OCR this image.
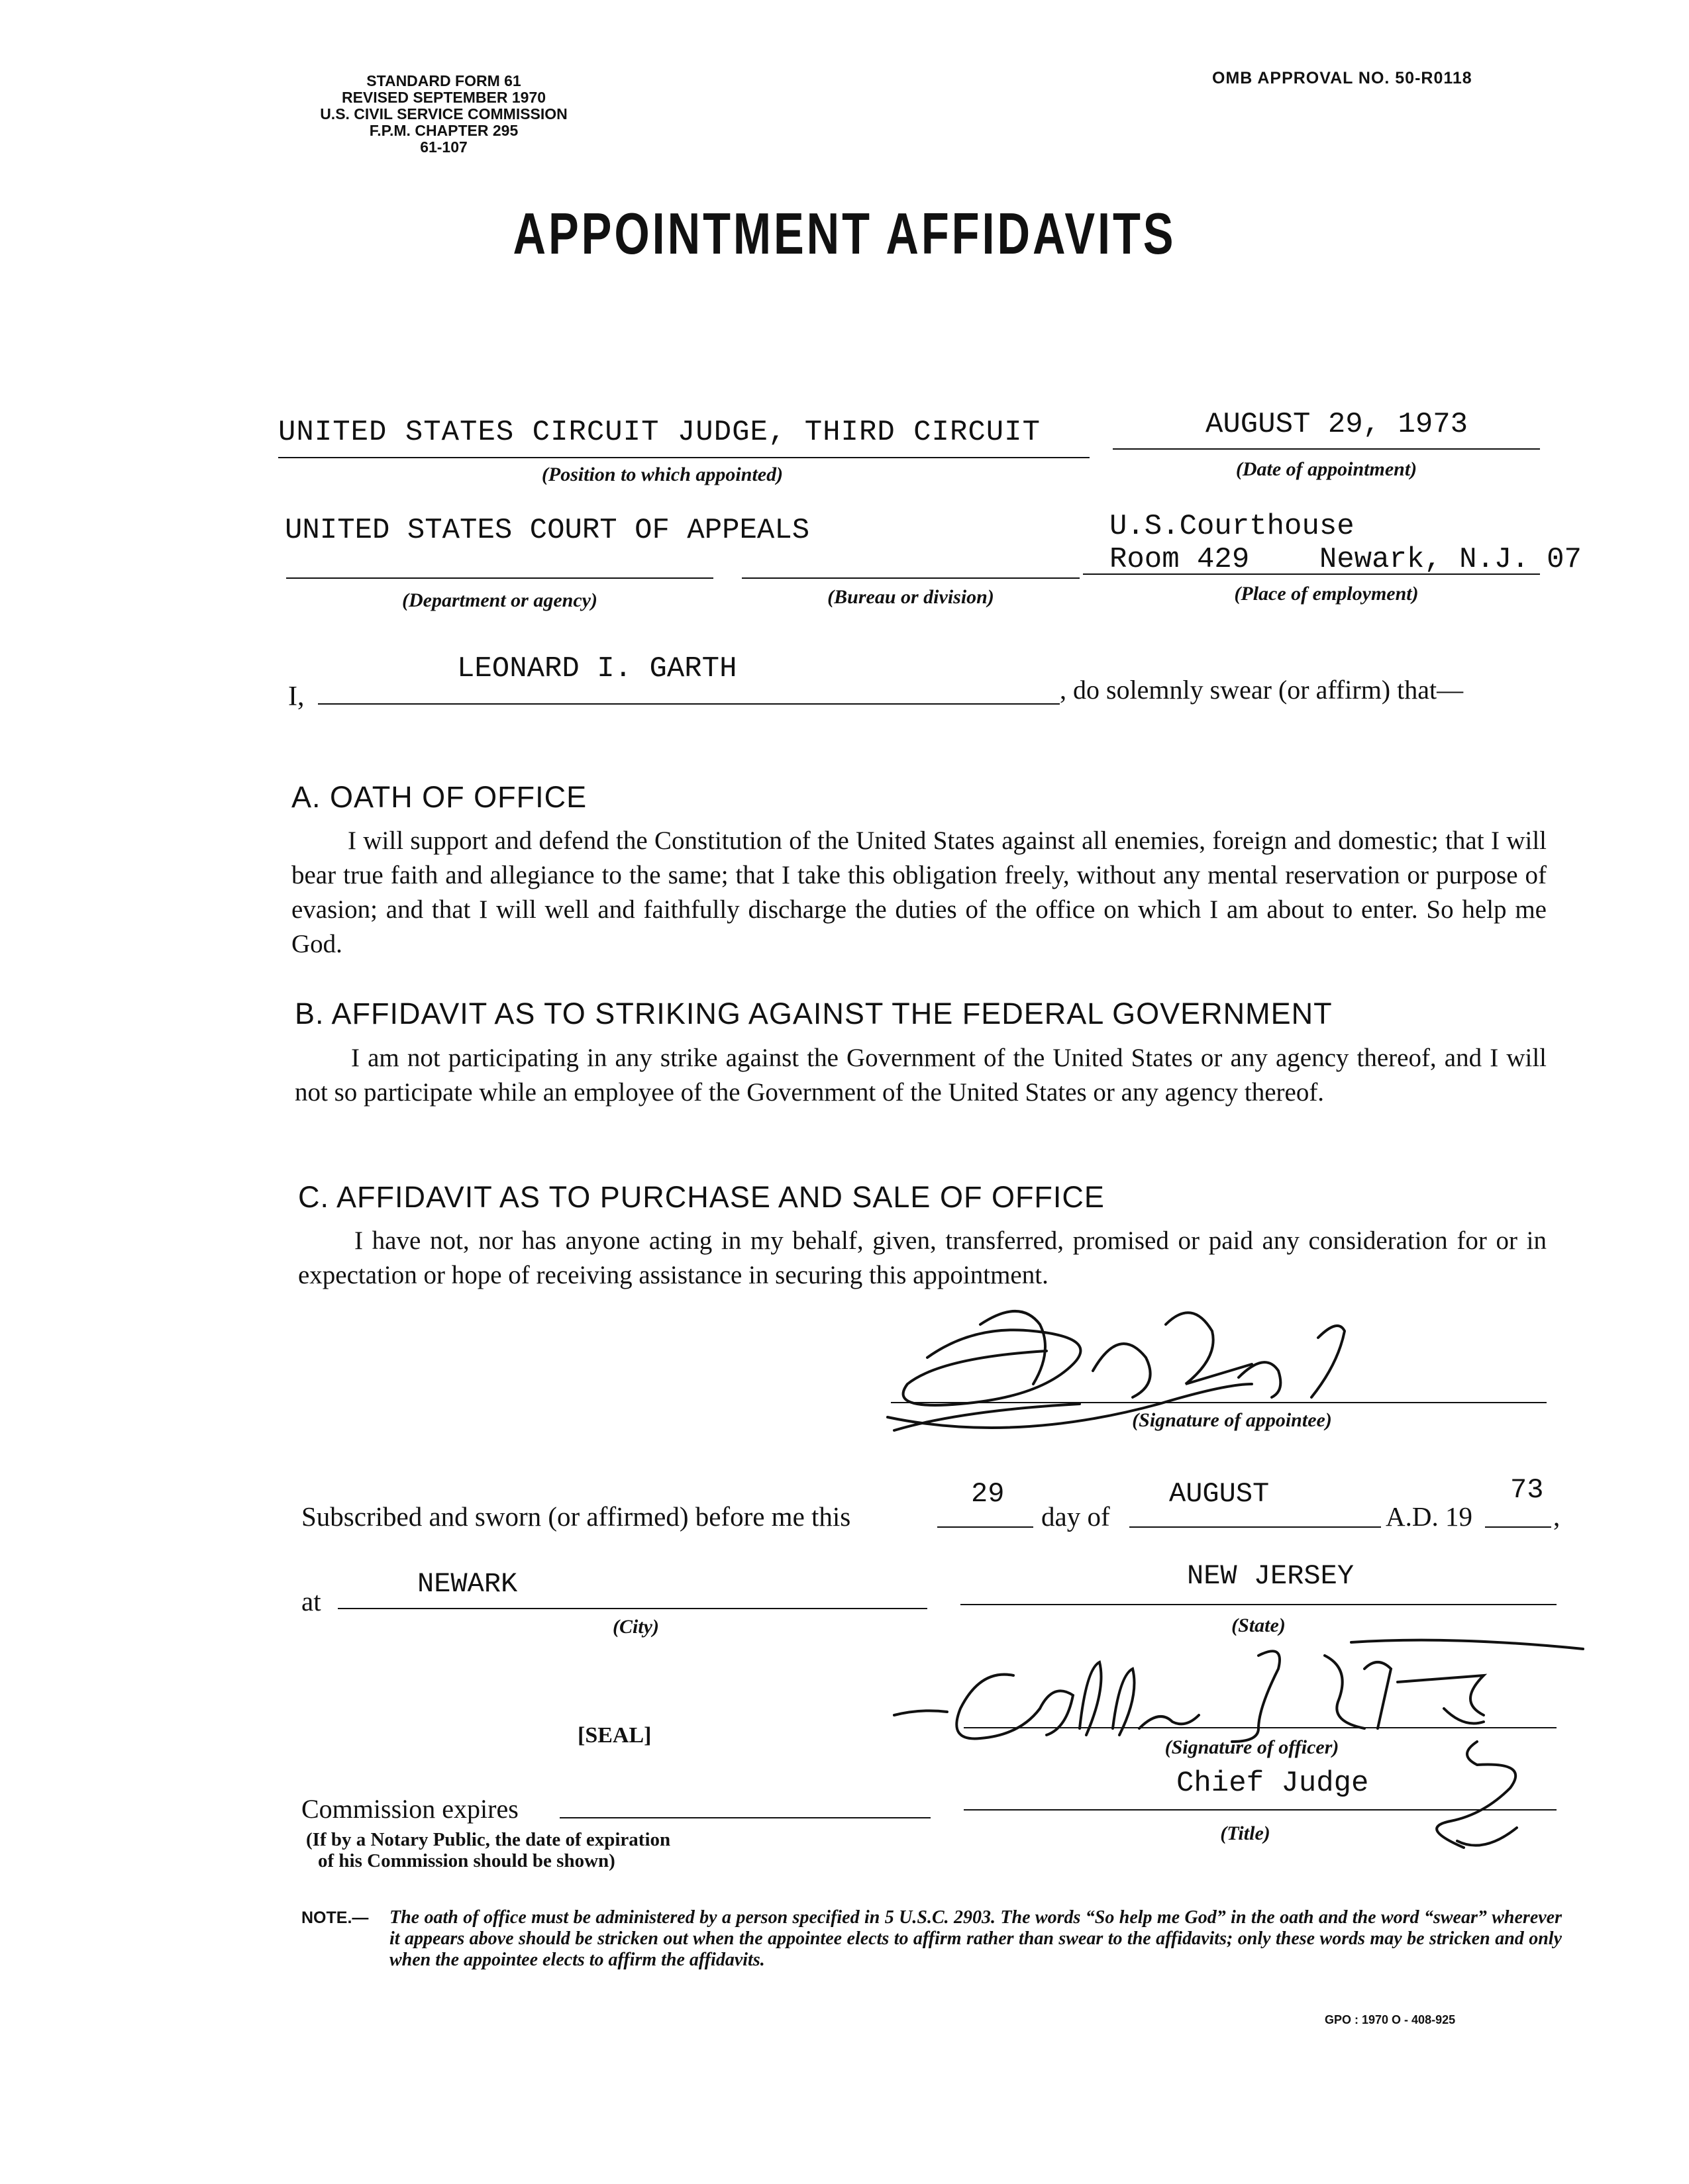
STANDARD FORM 61
REVISED SEPTEMBER 1970
U.S. CIVIL SERVICE COMMISSION
F.P.M. CHAPTER 295
61-107
OMB APPROVAL NO. 50-R0118
APPOINTMENT AFFIDAVITS
UNITED STATES CIRCUIT JUDGE, THIRD CIRCUIT
(Position to which appointed)
AUGUST 29, 1973
(Date of appointment)
UNITED STATES COURT OF APPEALS
(Department or agency)	(Bureau or division)
U.S.Courthouse
Room 429    Newark, N.J. 07
(Place of employment)
I,
LEONARD I. GARTH
, do solemnly swear (or affirm) that—
A. OATH OF OFFICE
I will support and defend the Constitution of the United States against all enemies, foreign and domestic; that I will bear true faith and allegiance to the same; that I take this obligation freely, without any mental reservation or purpose of evasion; and that I will well and faithfully discharge the duties of the office on which I am about to enter. So help me God.
B. AFFIDAVIT AS TO STRIKING AGAINST THE FEDERAL GOVERNMENT
I am not participating in any strike against the Government of the United States or any agency thereof, and I will not so participate while an employee of the Government of the United States or any agency thereof.
C. AFFIDAVIT AS TO PURCHASE AND SALE OF OFFICE
I have not, nor has anyone acting in my behalf, given, transferred, promised or paid any consideration for or in expectation or hope of receiving assistance in securing this appointment.
(Signature of appointee)
Subscribed and sworn (or affirmed) before me this
29
day of
AUGUST
A.D. 19
73
,
at
NEWARK
(City)
NEW JERSEY
(State)
[SEAL]	(Signature of officer)
Chief Judge
(Title)
Commission expires
(If by a Notary Public, the date of expiration
of his Commission should be shown)
NOTE.— The oath of office must be administered by a person specified in 5 U.S.C. 2903. The words “So help me God” in the oath and the word “swear” wherever it appears above should be stricken out when the appointee elects to affirm rather than swear to the affidavits; only these words may be stricken and only when the appointee elects to affirm the affidavits.
GPO : 1970 O - 408-925
